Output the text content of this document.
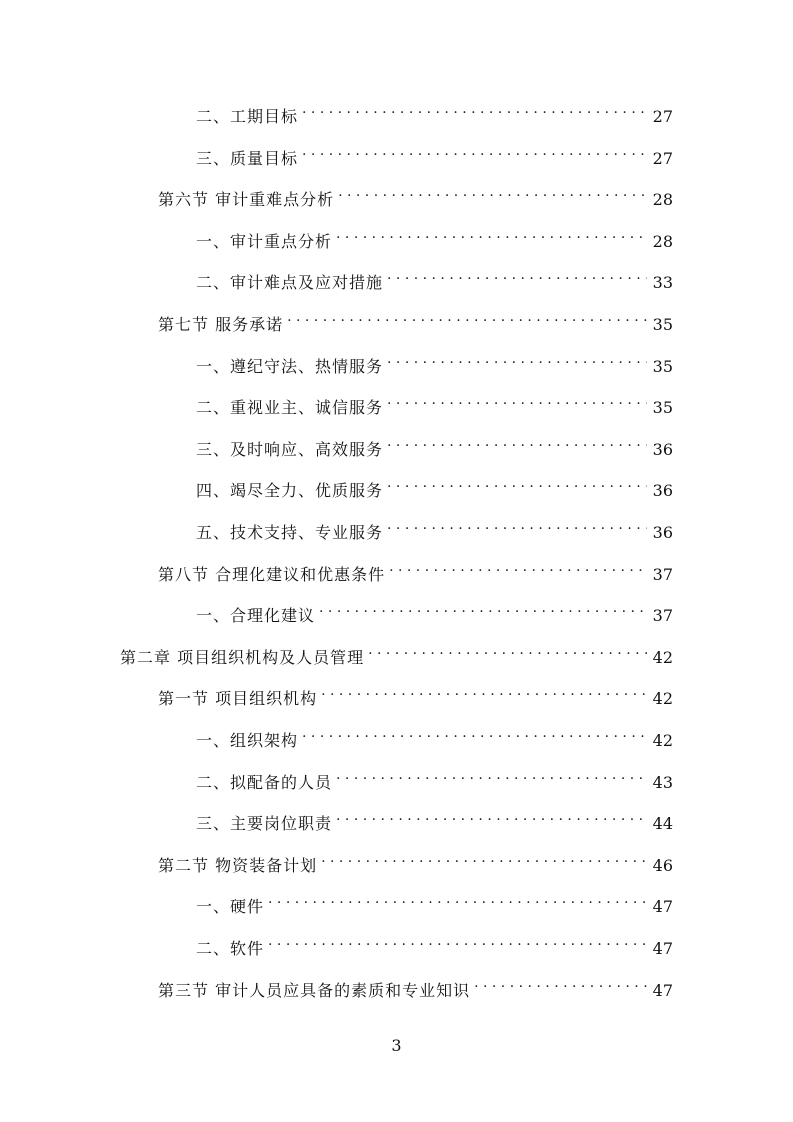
二、工期目标 . . .	27
三、质量目标 . . .	27
第六节 审计重难点分析 . . .	28
一、审计重点分析 . . .	28
二、审计难点及应对措施 . . .	33
第七节 服务承诺 . . .	35
一、遵纪守法、热情服务 . . .	35
二、重视业主、诚信服务 . . .	35
三、及时响应、高效服务 . . .	36
四、竭尽全力、优质服务 . . .	36
五、技术支持、专业服务 . . .	36
第八节 合理化建议和优惠条件 . . .	37
一、合理化建议 . . .	37
第二章 项目组织机构及人员管理 . . .	42
第一节 项目组织机构 . . .	42
一、组织架构 . . .	42
二、拟配备的人员 . . .	43
三、主要岗位职责 . . .	44
第二节 物资装备计划 . . .	46
一、硬件 . . .	47
二、软件 . . .	47
第三节 审计人员应具备的素质和专业知识 . . .	47
3
